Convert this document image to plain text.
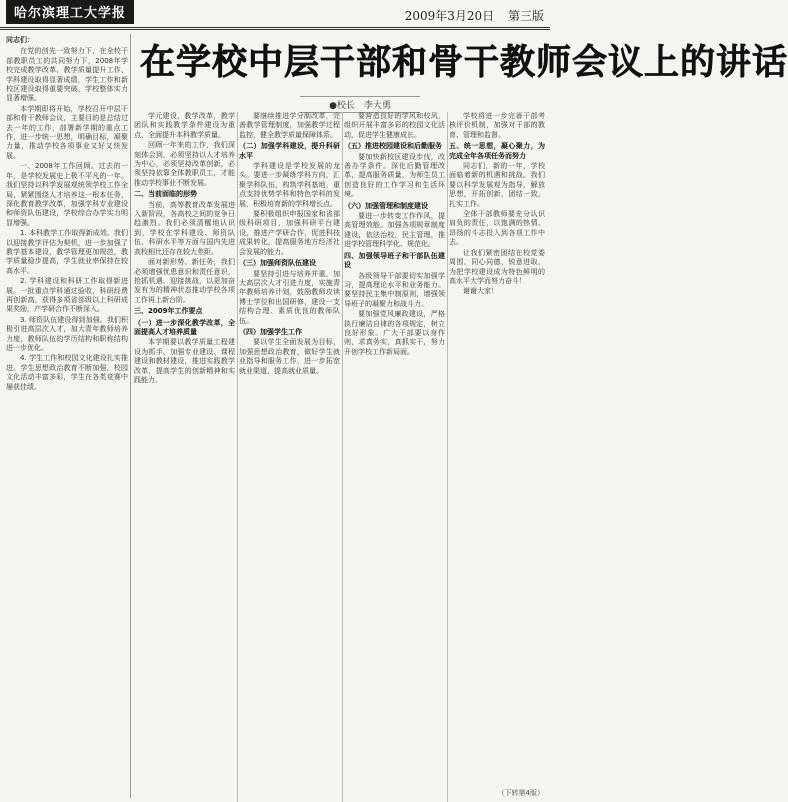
哈尔滨理工大学报	2009年3月20日 第三版
同志们：

在党的创先一致努力下，在全校干部教职员工的共同努力下，2008年学校完成教学改革、教学质量提升工作，学科建设取得显著成绩，学生工作和新校区建设取得重要突破，学校整体实力显著增强。

本学期即将开始，学校召开中层干部和骨干教师会议，主要目的是总结过去一年的工作，部署新学期的重点工作，进一步统一思想，明确目标，凝聚力量，推动学校各项事业又好又快发展。

一、2008年工作回顾。过去的一年，是学校发展史上极不平凡的一年。我们坚持以科学发展观统领学校工作全局，紧紧围绕人才培养这一根本任务，深化教育教学改革，加强学科专业建设和师资队伍建设，学校综合办学实力明显增强。

1. 本科教学工作取得新成效。我们以迎接教学评估为契机，进一步加强了教学基本建设，教学管理更加规范，教学质量稳步提高，学生就业率保持在较高水平。

2. 学科建设和科研工作取得新进展。一批重点学科通过验收，科研经费再创新高，获得多项省部级以上科研成果奖励，产学研合作不断深入。

3. 师资队伍建设得到加强。我们积极引进高层次人才，加大青年教师培养力度，教师队伍的学历结构和职称结构进一步优化。

4. 学生工作和校园文化建设扎实推进。学生思想政治教育不断加强，校园文化活动丰富多彩，学生在各类竞赛中屡获佳绩。

在学校中层干部和骨干教师会议上的讲话
●校长　李大勇

学元建设，教学改革，教学团队和实践教学条件建设为重点，全面提升本科教学质量。

回顾一年来的工作，我们深刻体会到，必须坚持以人才培养为中心，必须坚持改革创新，必须坚持依靠全体教职员工，才能推动学校事业不断发展。

二、当前面临的形势

当前，高等教育改革发展进入新阶段，各高校之间的竞争日趋激烈。我们必须清醒地认识到，学校在学科建设、师资队伍、科研水平等方面与国内先进高校相比还存在较大差距。

面对新形势、新任务，我们必须增强忧患意识和责任意识，抢抓机遇，迎接挑战，以更加奋发有为的精神状态推动学校各项工作再上新台阶。

三、2009年工作要点

（一）进一步深化教学改革，全面提高人才培养质量

本学期要以教学质量工程建设为抓手，加强专业建设、课程建设和教材建设，推进实践教学改革，提高学生的创新精神和实践能力。

要继续推进学分制改革，完善教学管理制度，加强教学过程监控，健全教学质量保障体系。

（二）加强学科建设，提升科研水平

学科建设是学校发展的龙头。要进一步凝练学科方向，汇聚学科队伍，构筑学科基地，重点支持优势学科和特色学科的发展，积极培育新的学科增长点。

要积极组织申报国家和省部级科研项目，加强科研平台建设，推进产学研合作，促进科技成果转化，提高服务地方经济社会发展的能力。

（三）加强师资队伍建设

要坚持引进与培养并重，加大高层次人才引进力度，实施青年教师培养计划，鼓励教师攻读博士学位和出国研修，建设一支结构合理、素质优良的教师队伍。

（四）加强学生工作

要以学生全面发展为目标，加强思想政治教育，做好学生就业指导和服务工作，进一步拓宽就业渠道，提高就业质量。

要营造良好的学风和校风，组织开展丰富多彩的校园文化活动，促进学生健康成长。

（五）推进校园建设和后勤服务

要加快新校区建设步伐，改善办学条件。深化后勤管理改革，提高服务质量，为师生员工创造良好的工作学习和生活环境。

（六）加强管理和制度建设

要进一步转变工作作风，提高管理效能。加强各项规章制度建设，依法治校，民主管理，推进学校管理科学化、规范化。

四、加强领导班子和干部队伍建设

各级领导干部要切实加强学习，提高理论水平和业务能力。要坚持民主集中制原则，增强领导班子的凝聚力和战斗力。

要加强党风廉政建设，严格执行廉洁自律的各项规定，树立良好形象。广大干部要以身作则，求真务实，真抓实干，努力开创学校工作新局面。

学校将进一步完善干部考核评价机制，加强对干部的教育、管理和监督。

五、统一思想，凝心聚力，为完成全年各项任务而努力

同志们，新的一年，学校面临着新的机遇和挑战。我们要以科学发展观为指导，解放思想，开拓创新，团结一致，扎实工作。

全体干部教师要充分认识肩负的责任，以饱满的热情、昂扬的斗志投入到各项工作中去。

让我们紧密团结在校党委周围，同心同德，锐意进取，为把学校建设成为特色鲜明的高水平大学而努力奋斗！

谢谢大家！

（下转第4版）
